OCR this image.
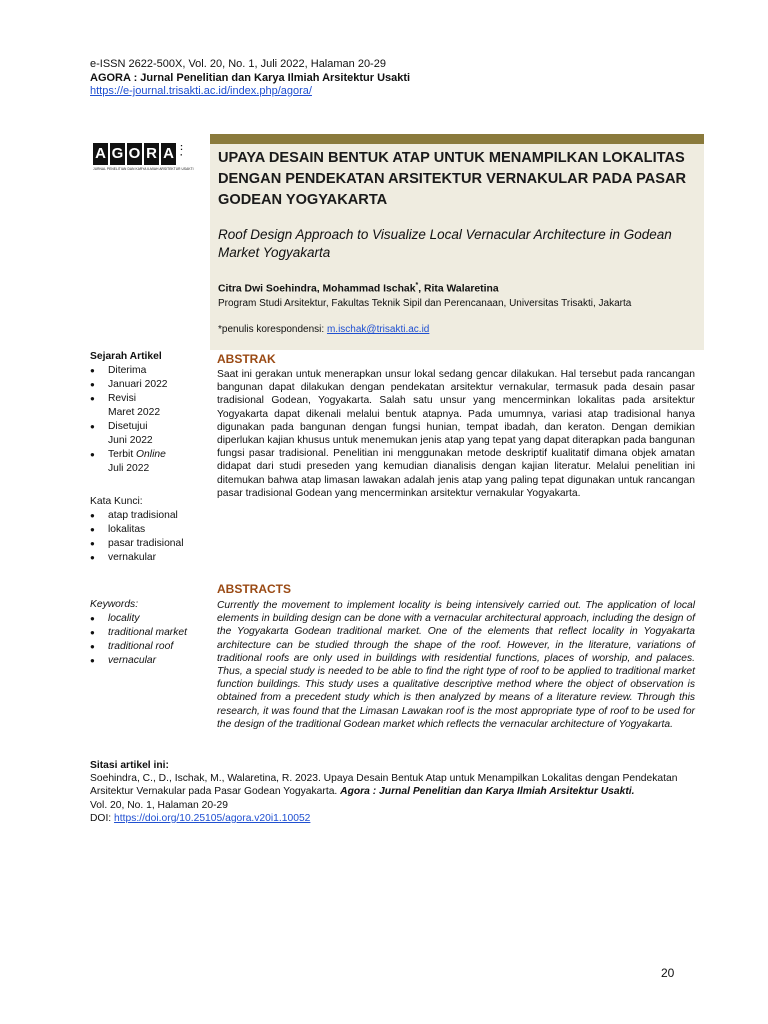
e-ISSN 2622-500X, Vol. 20, No. 1, Juli 2022, Halaman 20-29
AGORA : Jurnal Penelitian dan Karya Ilmiah Arsitektur Usakti
https://e-journal.trisakti.ac.id/index.php/agora/
A G O R A :
·
JURNAL PENELITIAN DAN KARYA ILMIAH ARSITEKTUR USAKTI
UPAYA DESAIN BENTUK ATAP UNTUK MENAMPILKAN LOKALITAS DENGAN PENDEKATAN ARSITEKTUR VERNAKULAR PADA PASAR GODEAN YOGYAKARTA
Roof Design Approach to Visualize Local Vernacular Architecture in Godean Market Yogyakarta
Citra Dwi Soehindra, Mohammad Ischak*, Rita Walaretina
Program Studi Arsitektur, Fakultas Teknik Sipil dan Perencanaan, Universitas Trisakti, Jakarta
*penulis korespondensi: m.ischak@trisakti.ac.id
Sejarah Artikel
● Diterima
● Januari 2022
● Revisi
Maret 2022
● Disetujui
Juni 2022
● Terbit Online
Juli 2022
Kata Kunci:
● atap tradisional
● lokalitas
● pasar tradisional
● vernakular
Keywords:
● locality
● traditional market
● traditional roof
● vernacular
ABSTRAK
Saat ini gerakan untuk menerapkan unsur lokal sedang gencar dilakukan. Hal tersebut pada rancangan bangunan dapat dilakukan dengan pendekatan arsitektur vernakular, termasuk pada desain pasar tradisional Godean, Yogyakarta. Salah satu unsur yang mencerminkan lokalitas pada arsitektur Yogyakarta dapat dikenali melalui bentuk atapnya. Pada umumnya, variasi atap tradisional hanya digunakan pada bangunan dengan fungsi hunian, tempat ibadah, dan keraton. Dengan demikian diperlukan kajian khusus untuk menemukan jenis atap yang tepat yang dapat diterapkan pada bangunan fungsi pasar tradisional. Penelitian ini menggunakan metode deskriptif kualitatif dimana objek amatan didapat dari studi preseden yang kemudian dianalisis dengan kajian literatur. Melalui penelitian ini ditemukan bahwa atap limasan lawakan adalah jenis atap yang paling tepat digunakan untuk rancangan pasar tradisional Godean yang mencerminkan arsitektur vernakular Yogyakarta.
ABSTRACTS
Currently the movement to implement locality is being intensively carried out. The application of local elements in building design can be done with a vernacular architectural approach, including the design of the Yogyakarta Godean traditional market. One of the elements that reflect locality in Yogyakarta architecture can be studied through the shape of the roof. However, in the literature, variations of traditional roofs are only used in buildings with residential functions, places of worship, and palaces. Thus, a special study is needed to be able to find the right type of roof to be applied to traditional market function buildings. This study uses a qualitative descriptive method where the object of observation is obtained from a precedent study which is then analyzed by means of a literature review. Through this research, it was found that the Limasan Lawakan roof is the most appropriate type of roof to be used for the design of the traditional Godean market which reflects the vernacular architecture of Yogyakarta.
Sitasi artikel ini:
Soehindra, C., D., Ischak, M., Walaretina, R. 2023. Upaya Desain Bentuk Atap untuk Menampilkan Lokalitas dengan Pendekatan Arsitektur Vernakular pada Pasar Godean Yogyakarta. Agora : Jurnal Penelitian dan Karya Ilmiah Arsitektur Usakti.
Vol. 20, No. 1, Halaman 20-29
DOI: https://doi.org/10.25105/agora.v20i1.10052
20
